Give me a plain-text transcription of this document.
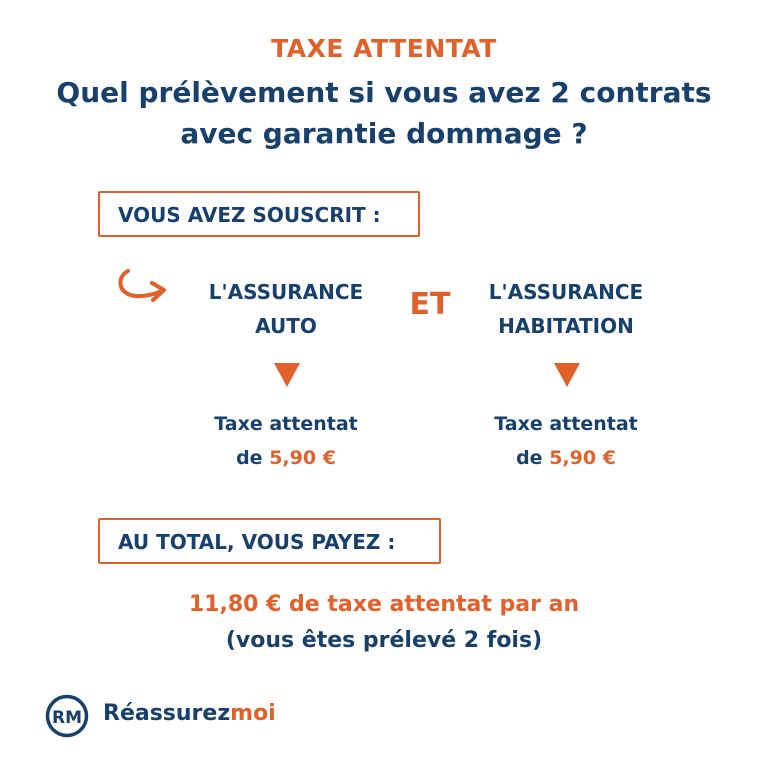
TAXE ATTENTAT
Quel prélèvement si vous avez 2 contrats
avec garantie dommage ?
VOUS AVEZ SOUSCRIT :
L'ASSURANCE
AUTO
ET	L'ASSURANCE
HABITATION
Taxe attentat
de 5,90 €
Taxe attentat
de 5,90 €
AU TOTAL, VOUS PAYEZ :
11,80 € de taxe attentat par an
(vous êtes prélevé 2 fois)
RM Réassurezmoi
